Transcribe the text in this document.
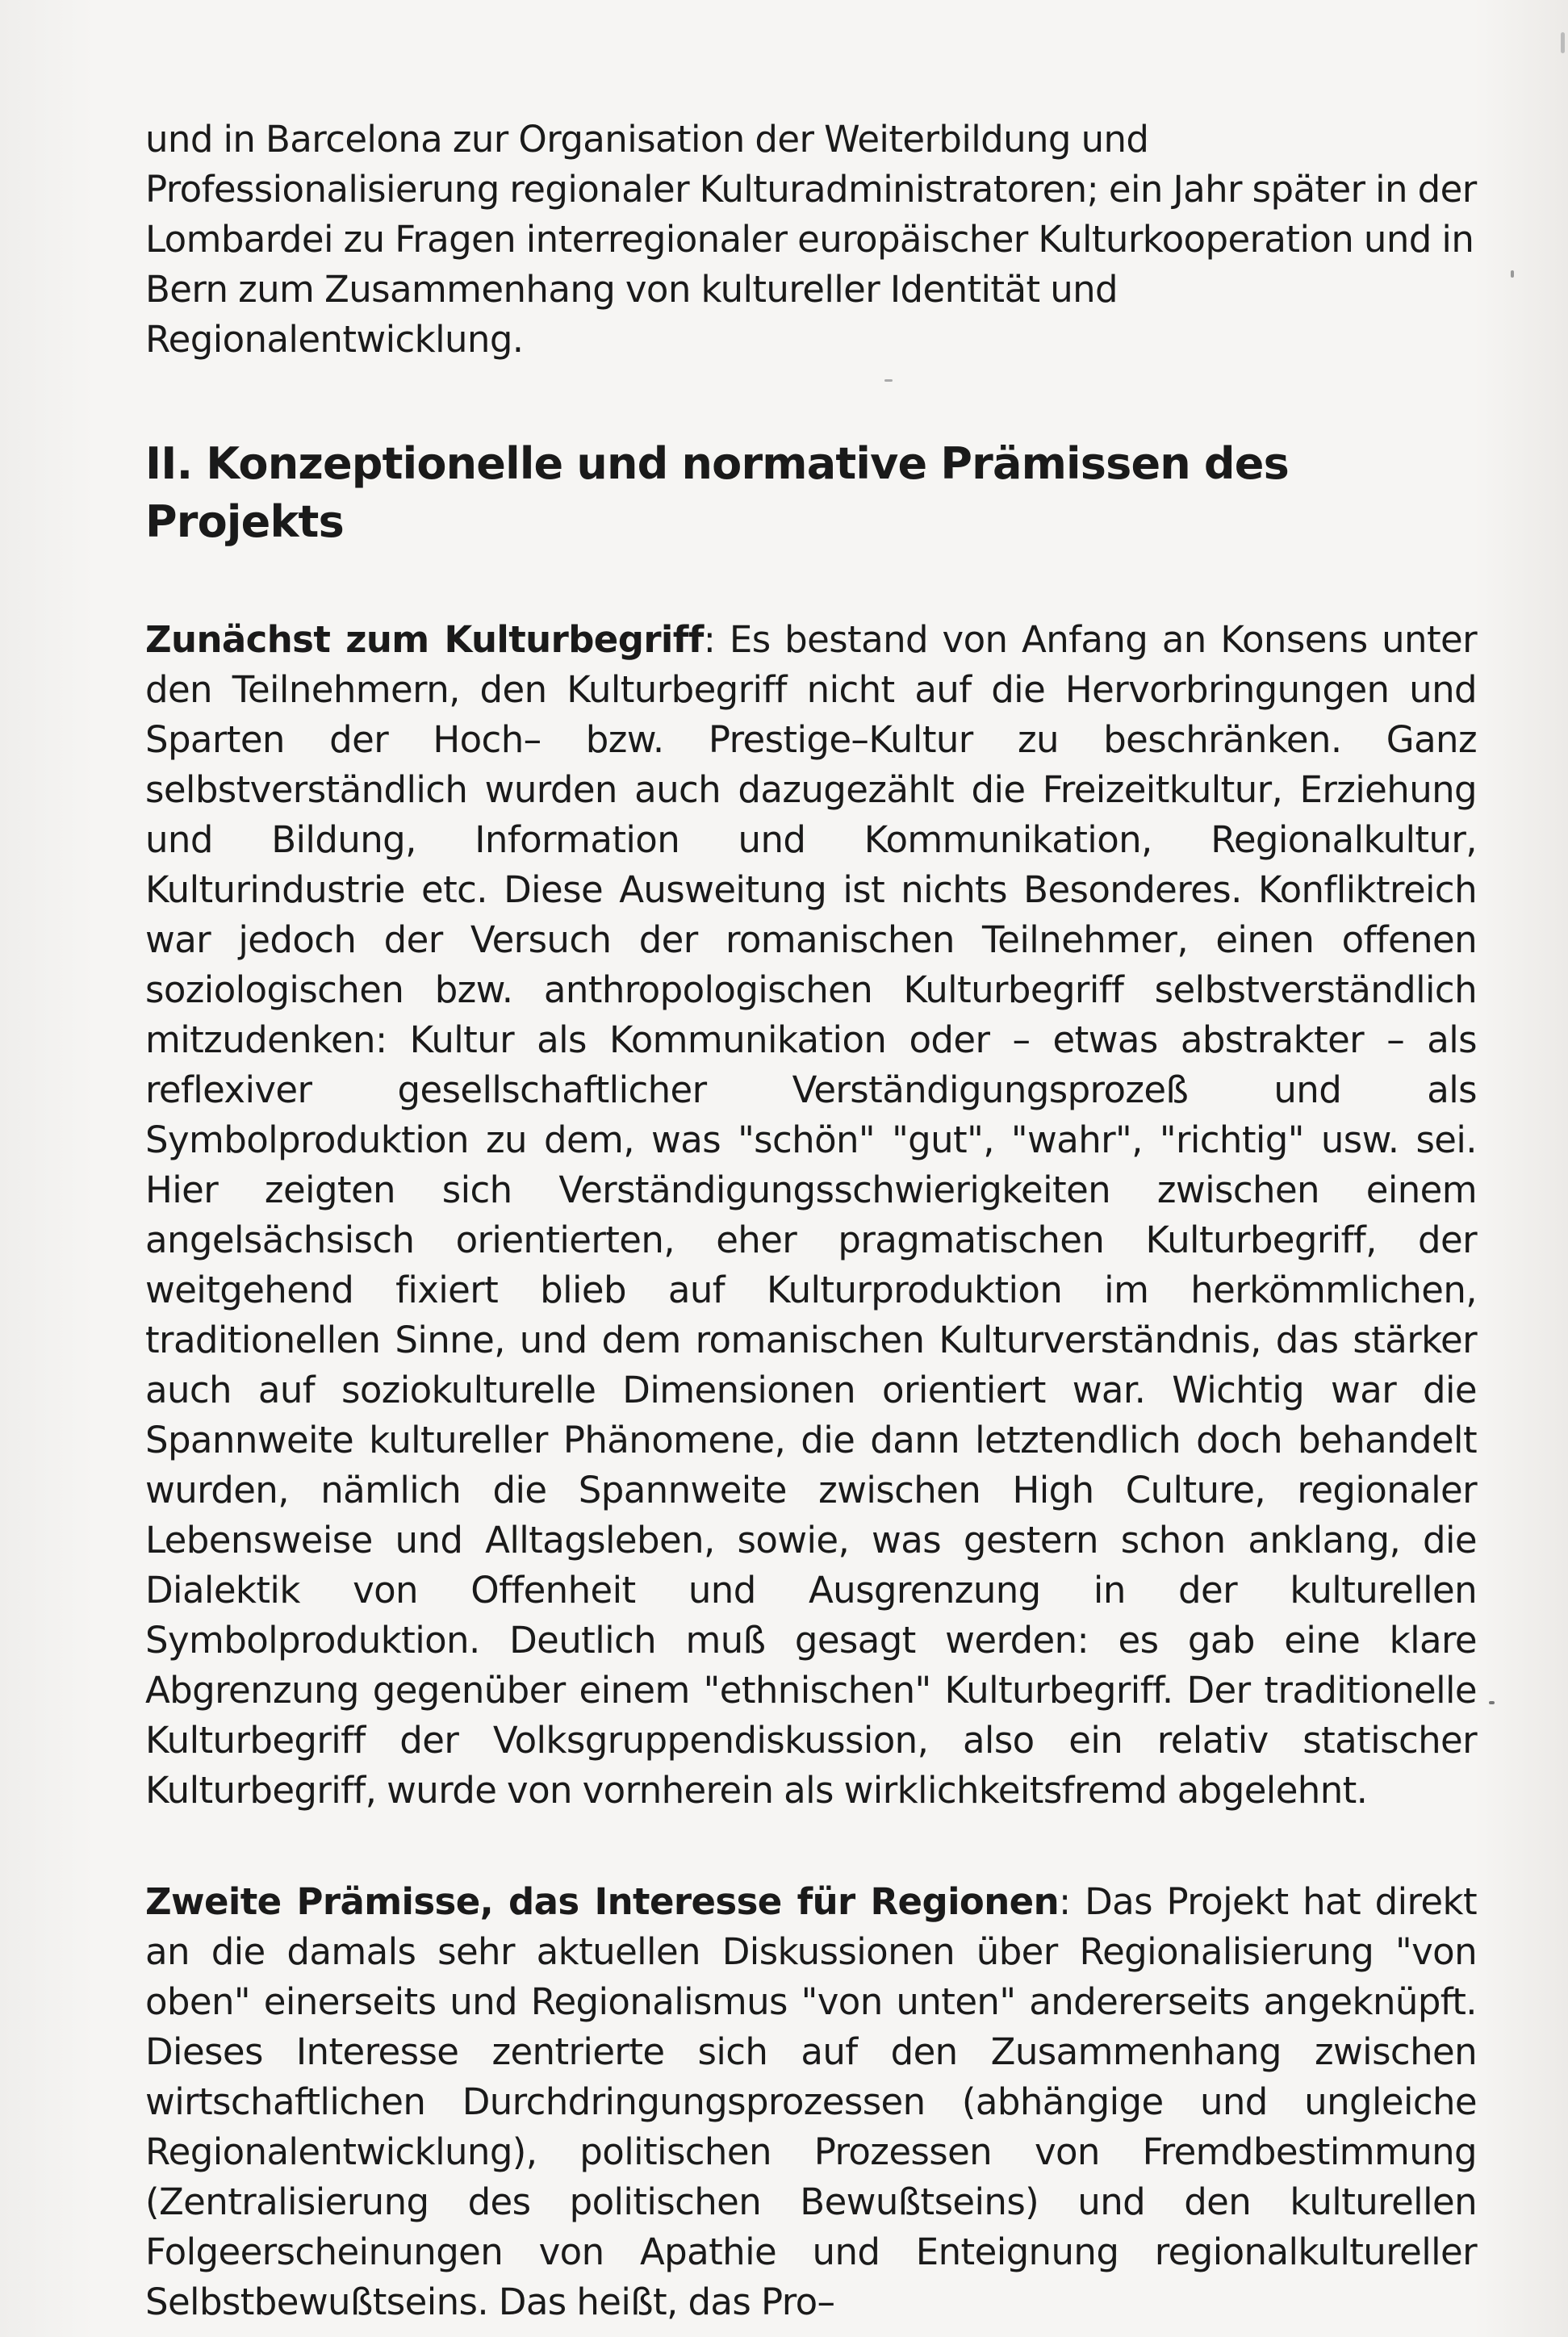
und in Barcelona zur Organisation der Weiterbildung und Professionalisierung regionaler Kulturadministratoren; ein Jahr später in der Lombardei zu Fragen interregionaler europäischer Kulturkooperation und in Bern zum Zusammenhang von kultureller Identität und Regionalentwicklung.

II. Konzeptionelle und normative Prämissen des Projekts

Zunächst zum Kulturbegriff: Es bestand von Anfang an Konsens unter den Teilnehmern, den Kulturbegriff nicht auf die Hervorbringungen und Sparten der Hoch– bzw. Prestige–Kultur zu beschränken. Ganz selbstverständlich wurden auch dazugezählt die Freizeitkultur, Erziehung und Bildung, Information und Kommunikation, Regionalkultur, Kulturindustrie etc. Diese Ausweitung ist nichts Besonderes. Konfliktreich war jedoch der Versuch der romanischen Teilnehmer, einen offenen soziologischen bzw. anthropologischen Kulturbegriff selbstverständlich mitzudenken: Kultur als Kommunikation oder – etwas abstrakter – als reflexiver gesellschaftlicher Verständigungsprozeß und als Symbolproduktion zu dem, was "schön" "gut", "wahr", "richtig" usw. sei. Hier zeigten sich Verständigungsschwierigkeiten zwischen einem angelsächsisch orientierten, eher pragmatischen Kulturbegriff, der weitgehend fixiert blieb auf Kulturproduktion im herkömmlichen, traditionellen Sinne, und dem romanischen Kulturverständnis, das stärker auch auf soziokulturelle Dimensionen orientiert war. Wichtig war die Spannweite kultureller Phänomene, die dann letztendlich doch behandelt wurden, nämlich die Spannweite zwischen High Culture, regionaler Lebensweise und Alltagsleben, sowie, was gestern schon anklang, die Dialektik von Offenheit und Ausgrenzung in der kulturellen Symbolproduktion. Deutlich muß gesagt werden: es gab eine klare Abgrenzung gegenüber einem "ethnischen" Kulturbegriff. Der traditionelle Kulturbegriff der Volksgruppendiskussion, also ein relativ statischer Kulturbegriff, wurde von vornherein als wirklichkeitsfremd abgelehnt.

Zweite Prämisse, das Interesse für Regionen: Das Projekt hat direkt an die damals sehr aktuellen Diskussionen über Regionalisierung "von oben" einerseits und Regionalismus "von unten" andererseits angeknüpft. Dieses Interesse zentrierte sich auf den Zusammenhang zwischen wirtschaftlichen Durchdringungsprozessen (abhängige und ungleiche Regionalentwicklung), politischen Prozessen von Fremdbestimmung (Zentralisierung des politischen Bewußtseins) und den kulturellen Folgeerscheinungen von Apathie und Enteignung regionalkultureller Selbstbewußtseins. Das heißt, das Pro–
